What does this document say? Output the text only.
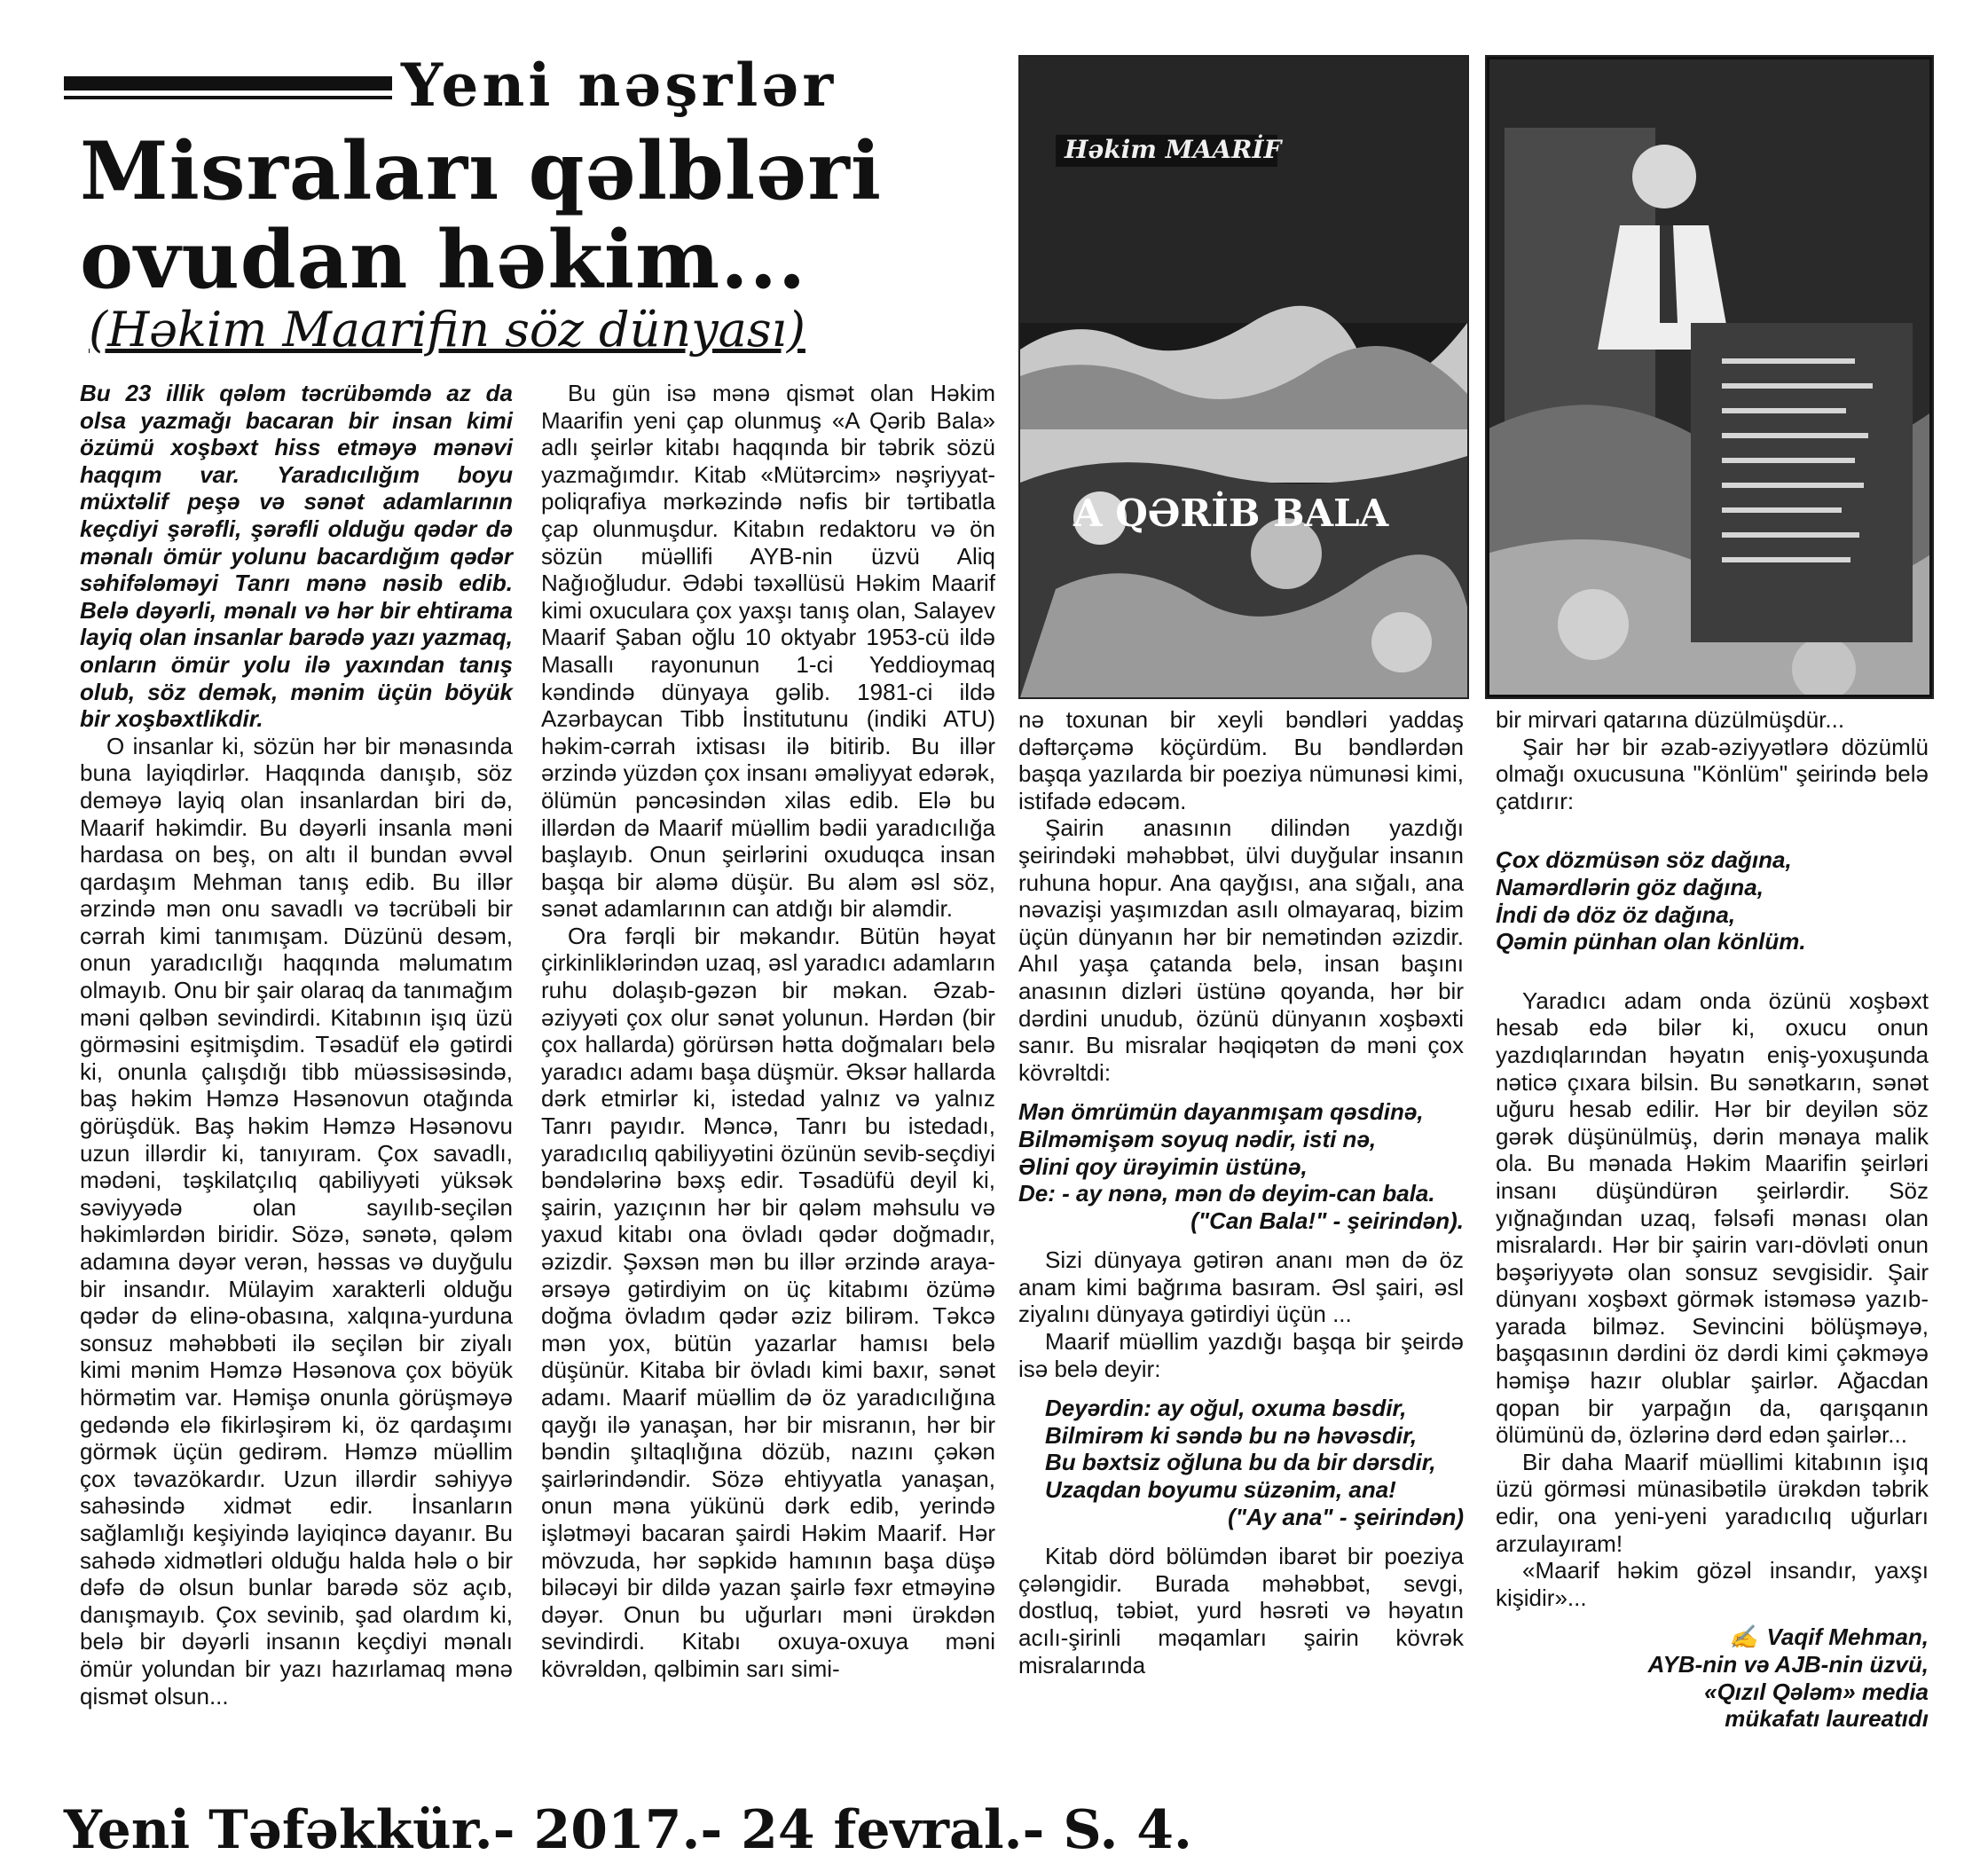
Yeni nəşrlər
Misraları qəlbləri
ovudan həkim...
(Həkim Maarifin söz dünyası)
Həkim MAARİF
A QƏRİB BALA

Bu 23 illik qələm təcrübəmdə az da olsa yazmağı bacaran bir insan kimi özümü xoşbəxt hiss etməyə mənəvi haqqım var. Yaradıcılığım boyu müxtəlif peşə və sənət adamlarının keçdiyi şərəfli, şərəfli olduğu qədər də mənalı ömür yolunu bacardığım qədər səhifələməyi Tanrı mənə nəsib edib. Belə dəyərli, mənalı və hər bir ehtirama layiq olan insanlar barədə yazı yazmaq, onların ömür yolu ilə yaxından tanış olub, söz demək, mənim üçün böyük bir xoşbəxtlikdir.

O insanlar ki, sözün hər bir mənasında buna layiqdirlər. Haqqında danışıb, söz deməyə layiq olan insanlardan biri də, Maarif həkimdir. Bu dəyərli insanla məni hardasa on beş, on altı il bundan əvvəl qardaşım Mehman tanış edib. Bu illər ərzində mən onu savadlı və təcrübəli bir cərrah kimi tanımışam. Düzünü desəm, onun yaradıcılığı haqqında məlumatım olmayıb. Onu bir şair olaraq da tanımağım məni qəlbən sevindirdi. Kitabının işıq üzü görməsini eşitmişdim. Təsadüf elə gətirdi ki, onunla çalışdığı tibb müəssisəsində, baş həkim Həmzə Həsənovun otağında görüşdük. Baş həkim Həmzə Həsənovu uzun illərdir ki, tanıyıram. Çox savadlı, mədəni, təşkilatçılıq qabiliyyəti yüksək səviyyədə olan sayılıb-seçilən həkimlərdən biridir. Sözə, sənətə, qələm adamına dəyər verən, həssas və duyğulu bir insandır. Mülayim xarakterli olduğu qədər də elinə-obasına, xalqına-yurduna sonsuz məhəbbəti ilə seçilən bir ziyalı kimi mənim Həmzə Həsənova çox böyük hörmətim var. Həmişə onunla görüşməyə gedəndə elə fikirləşirəm ki, öz qardaşımı görmək üçün gedirəm. Həmzə müəllim çox təvazökardır. Uzun illərdir səhiyyə sahəsində xidmət edir. İnsanların sağlamlığı keşiyində layiqincə dayanır. Bu sahədə xidmətləri olduğu halda hələ o bir dəfə də olsun bunlar barədə söz açıb, danışmayıb. Çox sevinib, şad olardım ki, belə bir dəyərli insanın keçdiyi mənalı ömür yolundan bir yazı hazırlamaq mənə qismət olsun...

Bu gün isə mənə qismət olan Həkim Maarifin yeni çap olunmuş «A Qərib Bala» adlı şeirlər kitabı haqqında bir təbrik sözü yazmağımdır. Kitab «Mütərcim» nəşriyyat-poliqrafiya mərkəzində nəfis bir tərtibatla çap olunmuşdur. Kitabın redaktoru və ön sözün müəllifi AYB-nin üzvü Aliq Nağıoğludur. Ədəbi təxəllüsü Həkim Maarif kimi oxuculara çox yaxşı tanış olan, Salayev Maarif Şaban oğlu 10 oktyabr 1953-cü ildə Masallı rayonunun 1-ci Yeddioymaq kəndində dünyaya gəlib. 1981-ci ildə Azərbaycan Tibb İnstitutunu (indiki ATU) həkim-cərrah ixtisası ilə bitirib. Bu illər ərzində yüzdən çox insanı əməliyyat edərək, ölümün pəncəsindən xilas edib. Elə bu illərdən də Maarif müəllim bədii yaradıcılığa başlayıb. Onun şeirlərini oxuduqca insan başqa bir aləmə düşür. Bu aləm əsl söz, sənət adamlarının can atdığı bir aləmdir.

Ora fərqli bir məkandır. Bütün həyat çirkinliklərindən uzaq, əsl yaradıcı adamların ruhu dolaşıb-gəzən bir məkan. Əzab-əziyyəti çox olur sənət yolunun. Hərdən (bir çox hallarda) görürsən hətta doğmaları belə yaradıcı adamı başa düşmür. Əksər hallarda dərk etmirlər ki, istedad yalnız və yalnız Tanrı payıdır. Məncə, Tanrı bu istedadı, yaradıcılıq qabiliyyətini özünün sevib-seçdiyi bəndələrinə bəxş edir. Təsadüfü deyil ki, şairin, yazıçının hər bir qələm məhsulu və yaxud kitabı ona övladı qədər doğmadır, əzizdir. Şəxsən mən bu illər ərzində araya-ərsəyə gətirdiyim on üç kitabımı özümə doğma övladım qədər əziz bilirəm. Təkcə mən yox, bütün yazarlar hamısı belə düşünür. Kitaba bir övladı kimi baxır, sənət adamı. Maarif müəllim də öz yaradıcılığına qayğı ilə yanaşan, hər bir misranın, hər bir bəndin şıltaqlığına dözüb, nazını çəkən şairlərindəndir. Sözə ehtiyyatla yanaşan, onun məna yükünü dərk edib, yerində işlətməyi bacaran şairdi Həkim Maarif. Hər mövzuda, hər səpkidə hamının başa düşə biləcəyi bir dildə yazan şairlə fəxr etməyinə dəyər. Onun bu uğurları məni ürəkdən sevindirdi. Kitabı oxuya-oxuya məni kövrəldən, qəlbimin sarı simi-

nə toxunan bir xeyli bəndləri yaddaş dəftərçəmə köçürdüm. Bu bəndlərdən başqa yazılarda bir poeziya nümunəsi kimi, istifadə edəcəm.

Şairin anasının dilindən yazdığı şeirindəki məhəbbət, ülvi duyğular insanın ruhuna hopur. Ana qayğısı, ana sığalı, ana nəvazişi yaşımızdan asılı olmayaraq, bizim üçün dünyanın hər bir nemətindən əzizdir. Ahıl yaşa çatanda belə, insan başını anasının dizləri üstünə qoyanda, hər bir dərdini unudub, özünü dünyanın xoşbəxti sanır. Bu misralar həqiqətən də məni çox kövrəltdi:

Mən ömrümün dayanmışam qəsdinə,
Bilməmişəm soyuq nədir, isti nə,
Əlini qoy ürəyimin üstünə,
De: - ay nənə, mən də deyim-can bala.
("Can Bala!" - şeirindən).

Sizi dünyaya gətirən ananı mən də öz anam kimi bağrıma basıram. Əsl şairi, əsl ziyalını dünyaya gətirdiyi üçün ...

Maarif müəllim yazdığı başqa bir şeirdə isə belə deyir:

Deyərdin: ay oğul, oxuma bəsdir,
Bilmirəm ki səndə bu nə həvəsdir,
Bu bəxtsiz oğluna bu da bir dərsdir,
Uzaqdan boyumu süzənim, ana!
("Ay ana" - şeirindən)

Kitab dörd bölümdən ibarət bir poeziya çələngidir. Burada məhəbbət, sevgi, dostluq, təbiət, yurd həsrəti və həyatın acılı-şirinli məqamları şairin kövrək misralarında

bir mirvari qatarına düzülmüşdür...

Şair hər bir əzab-əziyyətlərə dözümlü olmağı oxucusuna "Könlüm" şeirində belə çatdırır:

Çox dözmüsən söz dağına,
Namərdlərin göz dağına,
İndi də döz öz dağına,
Qəmin pünhan olan könlüm.

Yaradıcı adam onda özünü xoşbəxt hesab edə bilər ki, oxucu onun yazdıqlarından həyatın eniş-yoxuşunda nəticə çıxara bilsin. Bu sənətkarın, sənət uğuru hesab edilir. Hər bir deyilən söz gərək düşünülmüş, dərin mənaya malik ola. Bu mənada Həkim Maarifin şeirləri insanı düşündürən şeirlərdir. Söz yığnağından uzaq, fəlsəfi mənası olan misralardı. Hər bir şairin varı-dövləti onun bəşəriyyətə olan sonsuz sevgisidir. Şair dünyanı xoşbəxt görmək istəməsə yazıb-yarada bilməz. Sevincini bölüşməyə, başqasının dərdini öz dərdi kimi çəkməyə həmişə hazır olublar şairlər. Ağacdan qopan bir yarpağın da, qarışqanın ölümünü də, özlərinə dərd edən şairlər...

Bir daha Maarif müəllimi kitabının işıq üzü görməsi münasibətilə ürəkdən təbrik edir, ona yeni-yeni yaradıcılıq uğurları arzulayıram!

«Maarif həkim gözəl insandır, yaxşı kişidir»...

✍ Vaqif Mehman,
AYB-nin və AJB-nin üzvü,
«Qızıl Qələm» media
mükafatı laureatıdı
Yeni Təfəkkür.- 2017.- 24 fevral.- S. 4.
